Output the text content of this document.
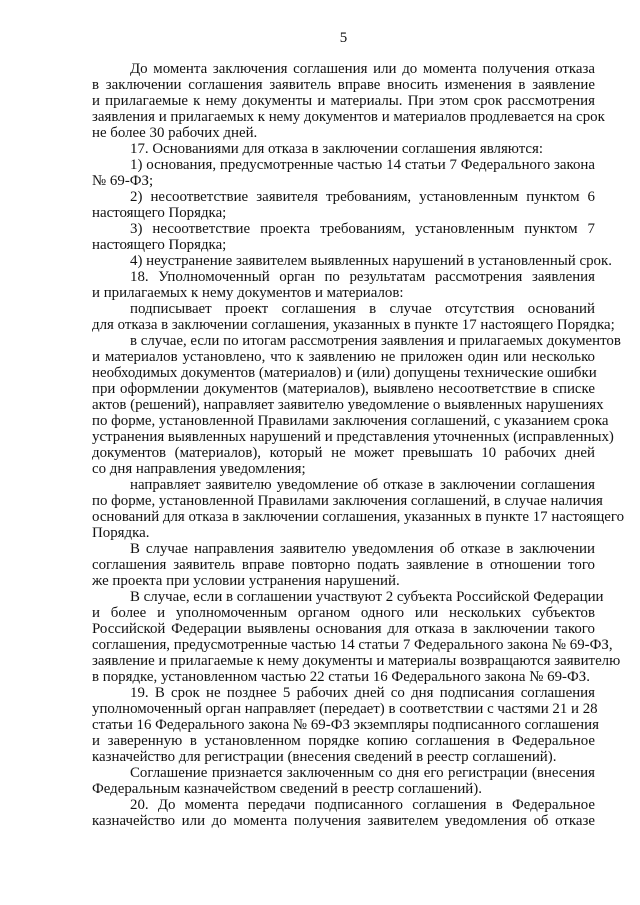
5
До момента заключения соглашения или до момента получения отказа
в заключении соглашения заявитель вправе вносить изменения в заявление
и прилагаемые к нему документы и материалы. При этом срок рассмотрения
заявления и прилагаемых к нему документов и материалов продлевается на срок
не более 30 рабочих дней.
17. Основаниями для отказа в заключении соглашения являются:
1) основания, предусмотренные частью 14 статьи 7 Федерального закона
№ 69-ФЗ;
2) несоответствие заявителя требованиям, установленным пунктом 6
настоящего Порядка;
3) несоответствие проекта требованиям, установленным пунктом 7
настоящего Порядка;
4) неустранение заявителем выявленных нарушений в установленный срок.
18. Уполномоченный орган по результатам рассмотрения заявления
и прилагаемых к нему документов и материалов:
подписывает проект соглашения в случае отсутствия оснований
для отказа в заключении соглашения, указанных в пункте 17 настоящего Порядка;
в случае, если по итогам рассмотрения заявления и прилагаемых документов
и материалов установлено, что к заявлению не приложен один или несколько
необходимых документов (материалов) и (или) допущены технические ошибки
при оформлении документов (материалов), выявлено несоответствие в списке
актов (решений), направляет заявителю уведомление о выявленных нарушениях
по форме, установленной Правилами заключения соглашений, с указанием срока
устранения выявленных нарушений и представления уточненных (исправленных)
документов (материалов), который не может превышать 10 рабочих дней
со дня направления уведомления;
направляет заявителю уведомление об отказе в заключении соглашения
по форме, установленной Правилами заключения соглашений, в случае наличия
оснований для отказа в заключении соглашения, указанных в пункте 17 настоящего
Порядка.
В случае направления заявителю уведомления об отказе в заключении
соглашения заявитель вправе повторно подать заявление в отношении того
же проекта при условии устранения нарушений.
В случае, если в соглашении участвуют 2 субъекта Российской Федерации
и более и уполномоченным органом одного или нескольких субъектов
Российской Федерации выявлены основания для отказа в заключении такого
соглашения, предусмотренные частью 14 статьи 7 Федерального закона № 69-ФЗ,
заявление и прилагаемые к нему документы и материалы возвращаются заявителю
в порядке, установленном частью 22 статьи 16 Федерального закона № 69-ФЗ.
19. В срок не позднее 5 рабочих дней со дня подписания соглашения
уполномоченный орган направляет (передает) в соответствии с частями 21 и 28
статьи 16 Федерального закона № 69-ФЗ экземпляры подписанного соглашения
и заверенную в установленном порядке копию соглашения в Федеральное
казначейство для регистрации (внесения сведений в реестр соглашений).
Соглашение признается заключенным со дня его регистрации (внесения
Федеральным казначейством сведений в реестр соглашений).
20. До момента передачи подписанного соглашения в Федеральное
казначейство или до момента получения заявителем уведомления об отказе
